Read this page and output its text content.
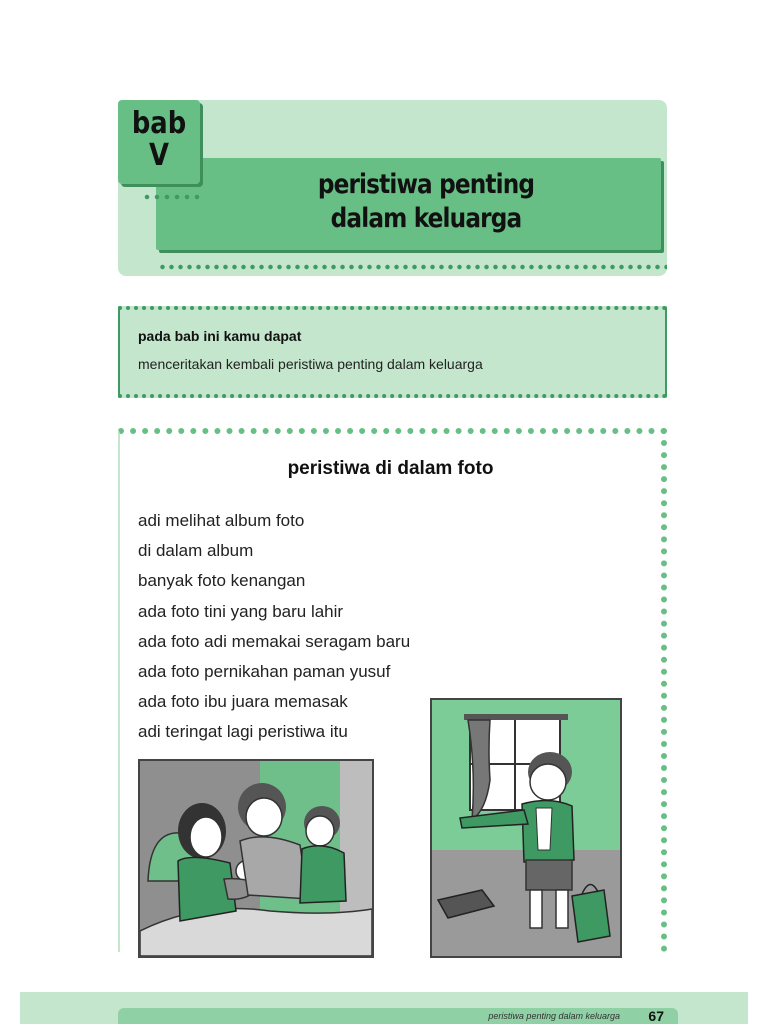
peristiwa penting
dalam keluarga
bab
V

pada bab ini kamu dapat

menceritakan kembali peristiwa penting dalam keluarga

peristiwa di dalam foto
adi melihat album foto
di dalam album
banyak foto kenangan
ada foto tini yang baru lahir
ada foto adi memakai seragam baru
ada foto pernikahan paman yusuf
ada foto ibu juara memasak
adi teringat lagi peristiwa itu

peristiwa penting dalam keluarga 67
